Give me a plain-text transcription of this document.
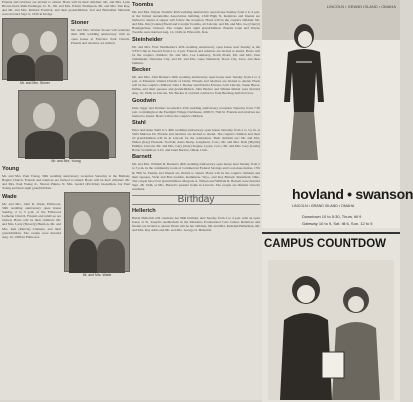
Friends and relatives are invited to attend. Hosts will be their children: Mr. and Mrs. Lynn Brown-field, Ruth Pashinger, D. N., Mr. and Mrs. Edwin Thompson, Mr. and Mrs. Van Ray, and Mr. and Mrs. Richard Fredrick, and their grandchildren. Ted and Bernadine Skinrude were married Sept. 9, 1936 in Dodge.

Mr. and Mrs. Stoner
Stoner

Mr. and Mrs. Warren Stoner will celebrate their 40th wedding anniversary with an open house at Fairview Park Church. Friends and relatives are invited.

Mr. and Mrs. Young
Young

Mr. and Mrs. Paul Young, 50th wedding anniversary reception Saturday at the Bethany Baptist Church. Friends and relatives are invited to attend. Hosts will be their children: Mr. and Mrs. Paul Young Jr., Sharon Pikula, N. Mrs. Gerald (Pavlicka) Gieselman, Jay Paul Young and their eight grandchildren.

Wade

Mr. and Mrs. John R. Wade, Elmwood, 50th wedding anniversary open house Sunday, 2 to 5 p.m. at the Elmwood Lutheran Church. Friends and relatives are invited. Hosts will be their children: Mr. and Mrs. Larry (Beverly) Harmon, Mr. and Mrs. Ken (Marcia) Clemens, and their grandchildren. The couple were married Aug. 10, 1986 in Elmwood.

Mr. and Mrs. Wade
Toombs

Mr. and Mrs. Wayne Toombs' 40th wedding anniversary open house Sunday from 2 to 4 p.m. at the United Automobile Association building, 1340 High St. Relatives and friends are invited to attend. A supper will follow the reception. Hosts will be the couple's children: Mr. and Mrs. Jim (Connie) Ebeid and Carolyn Toombs, all Lincoln, and Mr. and Mrs. Joe (Cheryl) Baumgardner, Jackson. The couple have eight grandchildren. Bonnie Lusk and Wayne Toombs were married Aug. 14, 1946, in Ellsworth, Kan.

Steinheider

Mr. and Mrs. Fred Steinheider's 40th wedding anniversary open house next Sunday at the VFW Club in Seward from 2 to 4 p.m. Friends and relatives are invited to attend. Hosts will be the couple's children: Dr. and Mrs. Lee Lamberty, North Platte; Mr. and Mrs. Don Steinheider, Nebraska City; and Dr. and Mrs. Gene Steinbeck, Sioux City, Iowa, and their families.

Becker

Mr. and Mrs. John Becker's 40th wedding anniversary open house next Sunday from 2 to 4 p.m. at Ebenezer United Church of Christ. Friends and relatives are invited to attend. Hosts will be the couple's children: John J. Becker and Patricia Ericsen, both Lincoln, Susan Bruce, Dallas, and their spouses and grandchildren. John Becker and Winnie Immel were married Aug. 10, 1946, in Lincoln. Mr. Becker is a retired contractor from Bucking-ham Services.

Goodwin

Dale 'Jiggs' and Darlene Goodwin's 25th wedding anniversary reception Saturday from 7:30 p.m. to midnight at the Eastlight Village Clubhouse, 2600 N. 76th St. Friends and relatives are invited to attend. Hosts will be the couple's children.

Stahl

Peter and Anna Stahl Jr.'s 40th wedding anniversary open house Saturday from 2 to 5 p.m. at 5025 Melrose Dr. Friends and relatives are invited to attend. The couple's children and their 22 grandchildren will be in Lincoln for the celebration. Their children are: Mr. and Mrs. Walter (Kay) Pleasant, Norfolk; Anna Sharp, Longmont, Colo.; Mr. and Mrs. Dale (Phyllis) Phillips, Lincoln; Mr. and Mrs. Gary (Judy) Staples, Lyons, Colo.; Mr. and Mrs. Gary (Linda) Barth, Vermillion, S.D.; and Janet Barlow, Omak, Utah.

Barnett

Mr. and Mrs. William R. Barnett's 40th wedding anniversary open house next Sunday from 2 to 5 p.m. in the community room of Commercial Federal Savings and Loan Association, 17th & 78th St. Family and friends are invited to attend. Hosts will be the couple's children and their spouses, Vicki and Bob Ludden, Kemmerer, Wyo., and Roy Barnett, Mansfield, Ohio. The couple have four grandchildren. Marjorie A. Wilson and William R. Barnett were married Sept. 28, 1946, at Mrs. Barnett's parents' home in Lincoln. The couple are lifetime Lincoln residents.

Birthday
Hellerich

Hulda Hellerich will celebrate her 90th birthday next Sunday from 2 to 4 p.m. with an open house at St. Joseph's Auditorium in the Madonna Professional Care Center. Relatives and friends are invited to attend. Hosts will be her children, Mr. and Mrs. Rudolph Hellerman, Mr. and Mrs. Ray Alma and Mr. and Mrs. George O. Hellerich.

LINCOLN • GRAND ISLAND • OMAHA
hovland • swanson
LINCOLN • GRAND ISLAND • OMAHA
Downtown 10 to 5:30, Thurs. till 9
Gateway 10 to 9, Sat. till 6, Sun. 12 to 5
CAMPUS COUNTDOW
